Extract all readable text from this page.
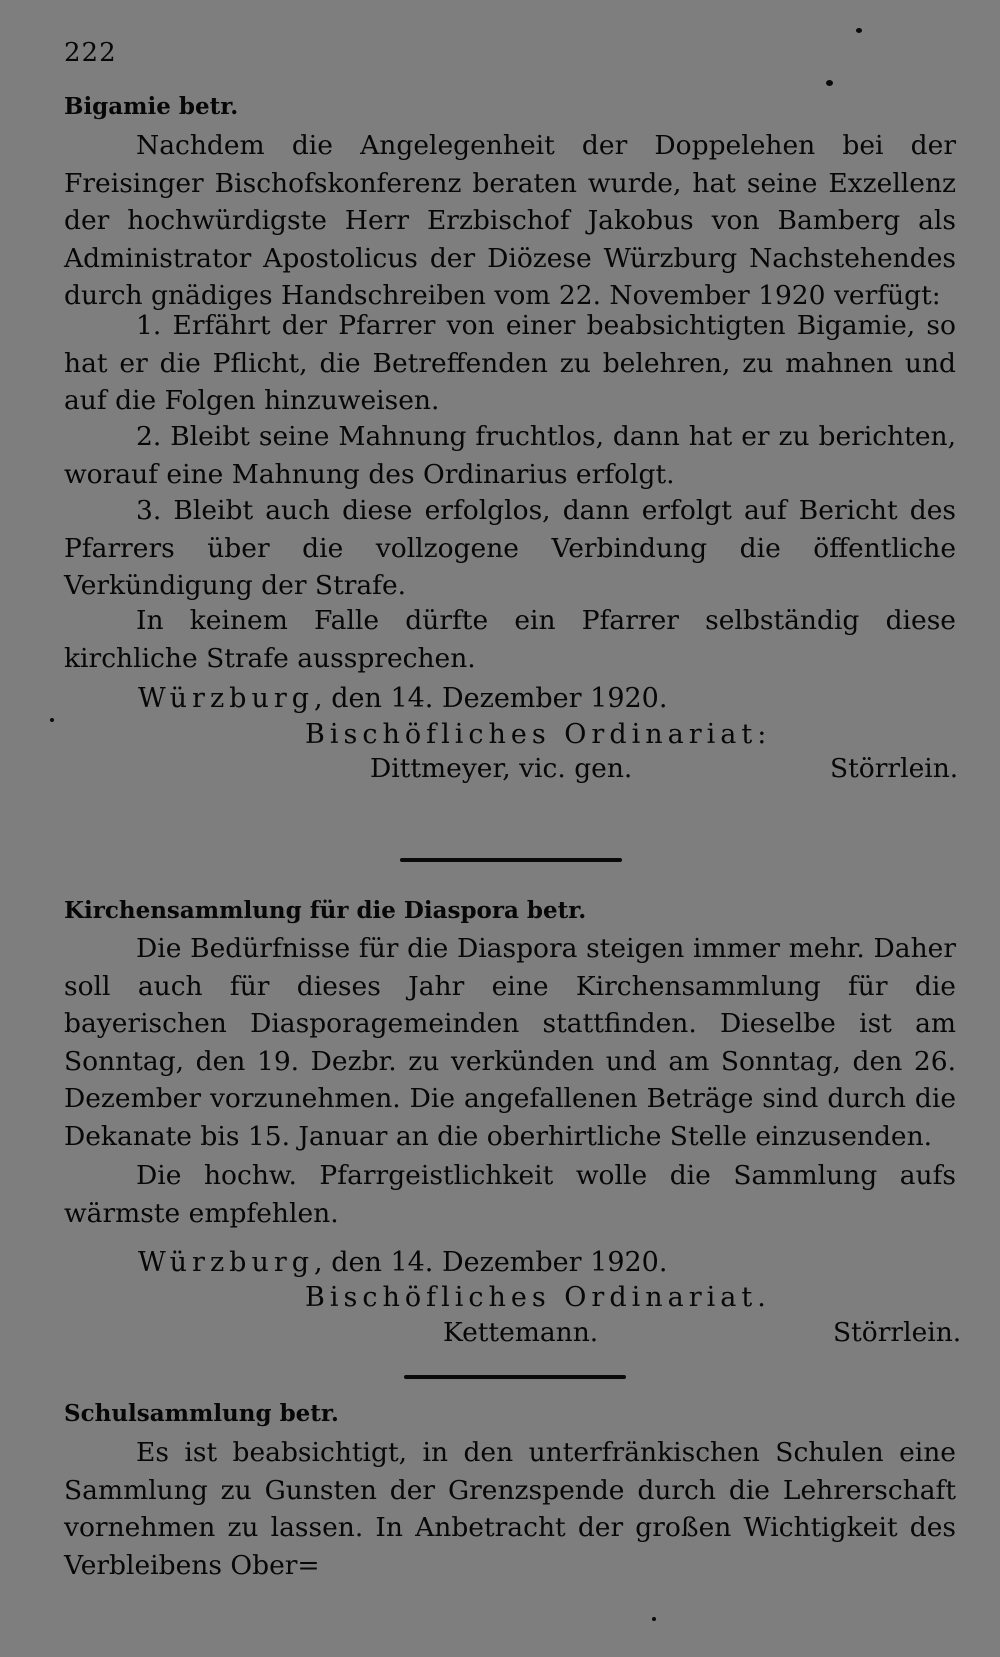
222
Bigamie betr.
Nachdem die Angelegenheit der Doppelehen bei der Freisinger Bischofskonferenz beraten wurde, hat seine Exzellenz der hochwürdigste Herr Erzbischof Jakobus von Bamberg als Administrator Apostolicus der Diözese Würzburg Nachstehendes durch gnädiges Handschreiben vom 22. November 1920 verfügt:
1. Erfährt der Pfarrer von einer beabsichtigten Bigamie, so hat er die Pflicht, die Betreffenden zu belehren, zu mahnen und auf die Folgen hinzuweisen.
2. Bleibt seine Mahnung fruchtlos, dann hat er zu berichten, worauf eine Mahnung des Ordinarius erfolgt.
3. Bleibt auch diese erfolglos, dann erfolgt auf Bericht des Pfarrers über die vollzogene Verbindung die öffentliche Verkündigung der Strafe.
In keinem Falle dürfte ein Pfarrer selbständig diese kirchliche Strafe aussprechen.
Würzburg, den 14. Dezember 1920.
Bischöfliches Ordinariat:
Dittmeyer, vic. gen.	Störrlein.
Kirchensammlung für die Diaspora betr.
Die Bedürfnisse für die Diaspora steigen immer mehr. Daher soll auch für dieses Jahr eine Kirchensammlung für die bayerischen Diasporagemeinden stattfinden. Dieselbe ist am Sonntag, den 19. Dezbr. zu verkünden und am Sonntag, den 26. Dezember vorzunehmen. Die angefallenen Beträge sind durch die Dekanate bis 15. Januar an die oberhirtliche Stelle einzusenden.
Die hochw. Pfarrgeistlichkeit wolle die Sammlung aufs wärmste empfehlen.
Würzburg, den 14. Dezember 1920.
Bischöfliches Ordinariat.
Kettemann.	Störrlein.
Schulsammlung betr.
Es ist beabsichtigt, in den unterfränkischen Schulen eine Sammlung zu Gunsten der Grenzspende durch die Lehrerschaft vornehmen zu lassen. In Anbetracht der großen Wichtigkeit des Verbleibens Ober=
